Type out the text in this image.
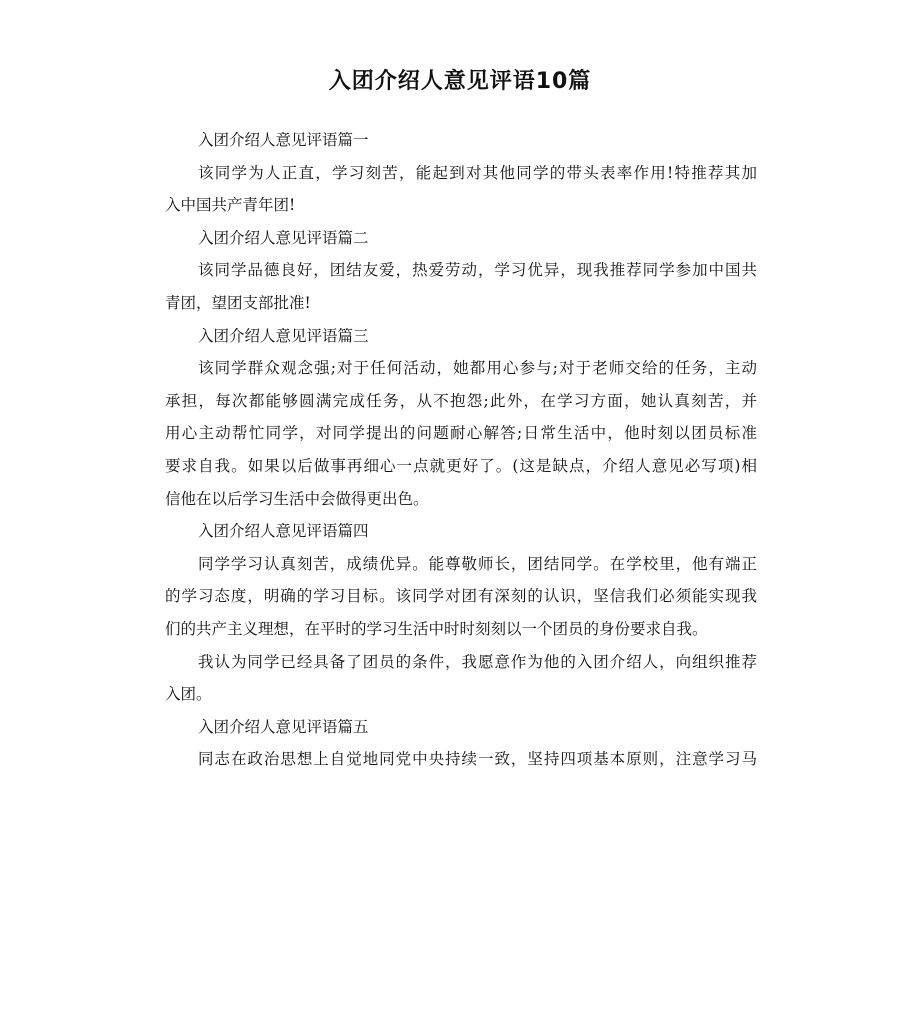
入团介绍人意见评语10篇
入团介绍人意见评语篇一
该同学为人正直，学习刻苦，能起到对其他同学的带头表率作用!特推荐其加
入中国共产青年团!
入团介绍人意见评语篇二
该同学品德良好，团结友爱，热爱劳动，学习优异，现我推荐同学参加中国共
青团，望团支部批准!
入团介绍人意见评语篇三
该同学群众观念强;对于任何活动，她都用心参与;对于老师交给的任务，主动
承担，每次都能够圆满完成任务，从不抱怨;此外，在学习方面，她认真刻苦，并
用心主动帮忙同学，对同学提出的问题耐心解答;日常生活中，他时刻以团员标准
要求自我。如果以后做事再细心一点就更好了。(这是缺点，介绍人意见必写项)相
信他在以后学习生活中会做得更出色。
入团介绍人意见评语篇四
同学学习认真刻苦，成绩优异。能尊敬师长，团结同学。在学校里，他有端正
的学习态度，明确的学习目标。该同学对团有深刻的认识，坚信我们必须能实现我
们的共产主义理想，在平时的学习生活中时时刻刻以一个团员的身份要求自我。
我认为同学已经具备了团员的条件，我愿意作为他的入团介绍人，向组织推荐
入团。
入团介绍人意见评语篇五
同志在政治思想上自觉地同党中央持续一致，坚持四项基本原则，注意学习马
